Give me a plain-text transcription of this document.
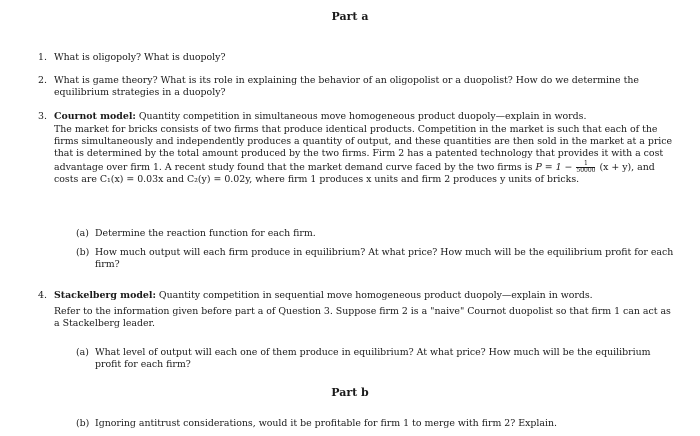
Part a
1. What is oligopoly? What is duopoly?
2. What is game theory? What is its role in explaining the behavior of an oligopolist or a duopolist? How do we determine the equilibrium strategies in a duopoly?
3. Cournot model: Quantity competition in simultaneous move homogeneous product duopoly—explain in words.
The market for bricks consists of two firms that produce identical products. Competition in the market is such that each of the firms simultaneously and independently produces a quantity of output, and these quantities are then sold in the market at a price that is determined by the total amount produced by the two firms. Firm 2 has a patented technology that provides it with a cost advantage over firm 1. A recent study found that the market demand curve faced by the two firms is $P = 1 - \frac{1}{50000} (x + y)$, and costs are C₁(x) = 0.03x and C₂(y) = 0.02y, where firm 1 produces x units and firm 2 produces y units of bricks.
(a) Determine the reaction function for each firm.
(b) How much output will each firm produce in equilibrium? At what price? How much will be the equilibrium profit for each firm?
4. Stackelberg model: Quantity competition in sequential move homogeneous product duopoly—explain in words.
Refer to the information given before part a of Question 3. Suppose firm 2 is a "naive" Cournot duopolist so that firm 1 can act as a Stackelberg leader.
(a) What level of output will each one of them produce in equilibrium? At what price? How much will be the equilibrium profit for each firm?
Part b
(b) Ignoring antitrust considerations, would it be profitable for firm 1 to merge with firm 2? Explain.
